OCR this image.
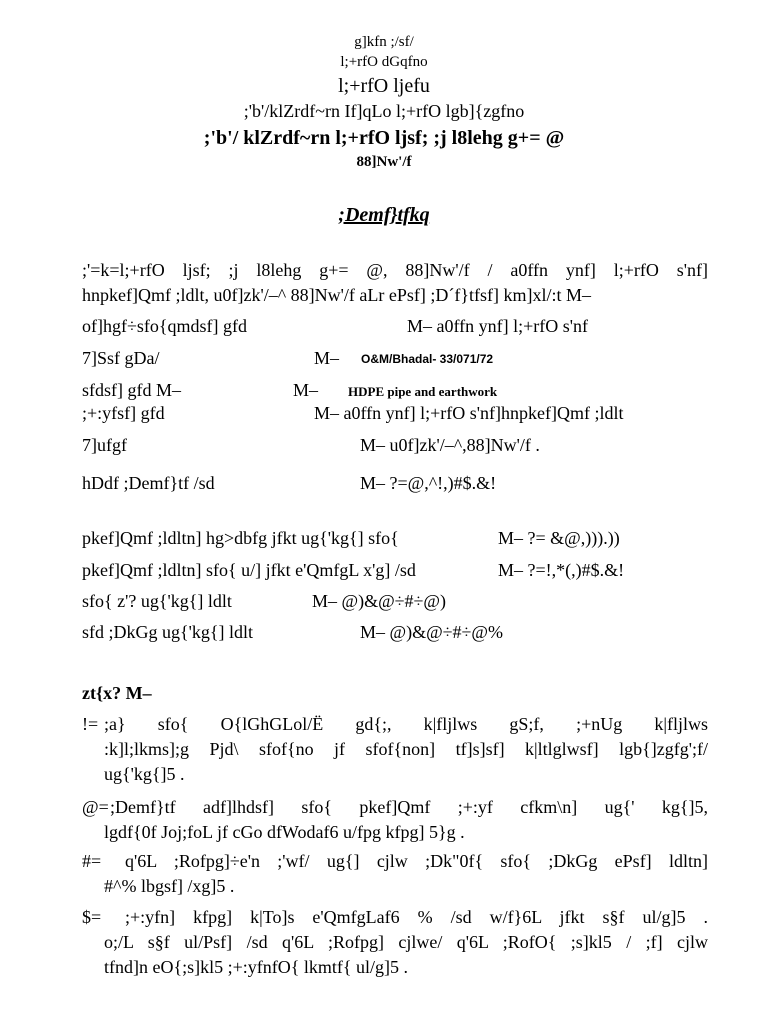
g]kfn ;/sf/
l;+rfO dGqfno
l;+rfO ljefu
;'b'/klZrdf~rn If]qLo l;+rfO lgb]{zgfno
;'b'/ klZrdf~rn l;+rfO ljsf; ;j l8lehg g+= @
88]Nw'/f
;Demf}tfkq
;'=k=l;+rfO ljsf; ;j l8lehg g+= @, 88]Nw'/f / a0ffn ynf] l;+rfO s'nf]
hnpkef]Qmf ;ldlt, u0f]zk'/–^ 88]Nw'/f aLr ePsf] ;D´f}tfsf] km]xl/:t M–
of]hgf÷sfo{qmdsf] gfd	M– a0ffn ynf] l;+rfO s'nf
7]Ssf gDa/	M– O&M/Bhadal- 33/071/72
sfdsf] gfd M–	M– HDPE pipe and earthwork
;+:yfsf] gfd	M– a0ffn ynf] l;+rfO s'nf]hnpkef]Qmf ;ldlt
7]ufgf	M– u0f]zk'/–^,88]Nw'/f .
hDdf ;Demf}tf /sd	M– ?=@,^!,)#$.&!
pkef]Qmf ;ldltn] hg>dbfg jfkt ug{'kg{] sfo{	M– ?= &@,))).))
pkef]Qmf ;ldltn] sfo{ u/] jfkt e'QmfgL x'g] /sd	M– ?=!,*(,)#$.&!
sfo{ z'? ug{'kg{] ldlt	M– @)&@÷#÷@)
sfd ;DkGg ug{'kg{] ldlt	M– @)&@÷#÷@%
zt{x? M–
!= ;a} sfo{ O{lGhGLol/Ë gd{;, k|fljlws gS;f, ;+nUg k|fljlws
:k]l;lkms];g Pjd\ sfof{no jf sfof{non] tf]s]sf] k|ltlglwsf] lgb{]zgfg';f/
ug{'kg{]5 .
@= ;Demf}tf adf]lhdsf] sfo{ pkef]Qmf ;+:yf cfkm\n] ug{' kg{]5,
lgdf{0f Joj;foL jf cGo dfWodaf6 u/fpg kfpg] 5}g .
#= q'6L ;Rofpg]÷e'n ;'wf/ ug{] cjlw ;Dk"0f{ sfo{ ;DkGg ePsf] ldltn]
#^% lbgsf] /xg]5 .
$= ;+:yfn] kfpg] k|To]s e'QmfgLaf6 % /sd w/f}6L jfkt s§f ul/g]5 .
o;/L s§f ul/Psf] /sd q'6L ;Rofpg] cjlwe/ q'6L ;RofO{ ;s]kl5 / ;f] cjlw
tfnd]n eO{;s]kl5 ;+:yfnfO{ lkmtf{ ul/g]5 .
